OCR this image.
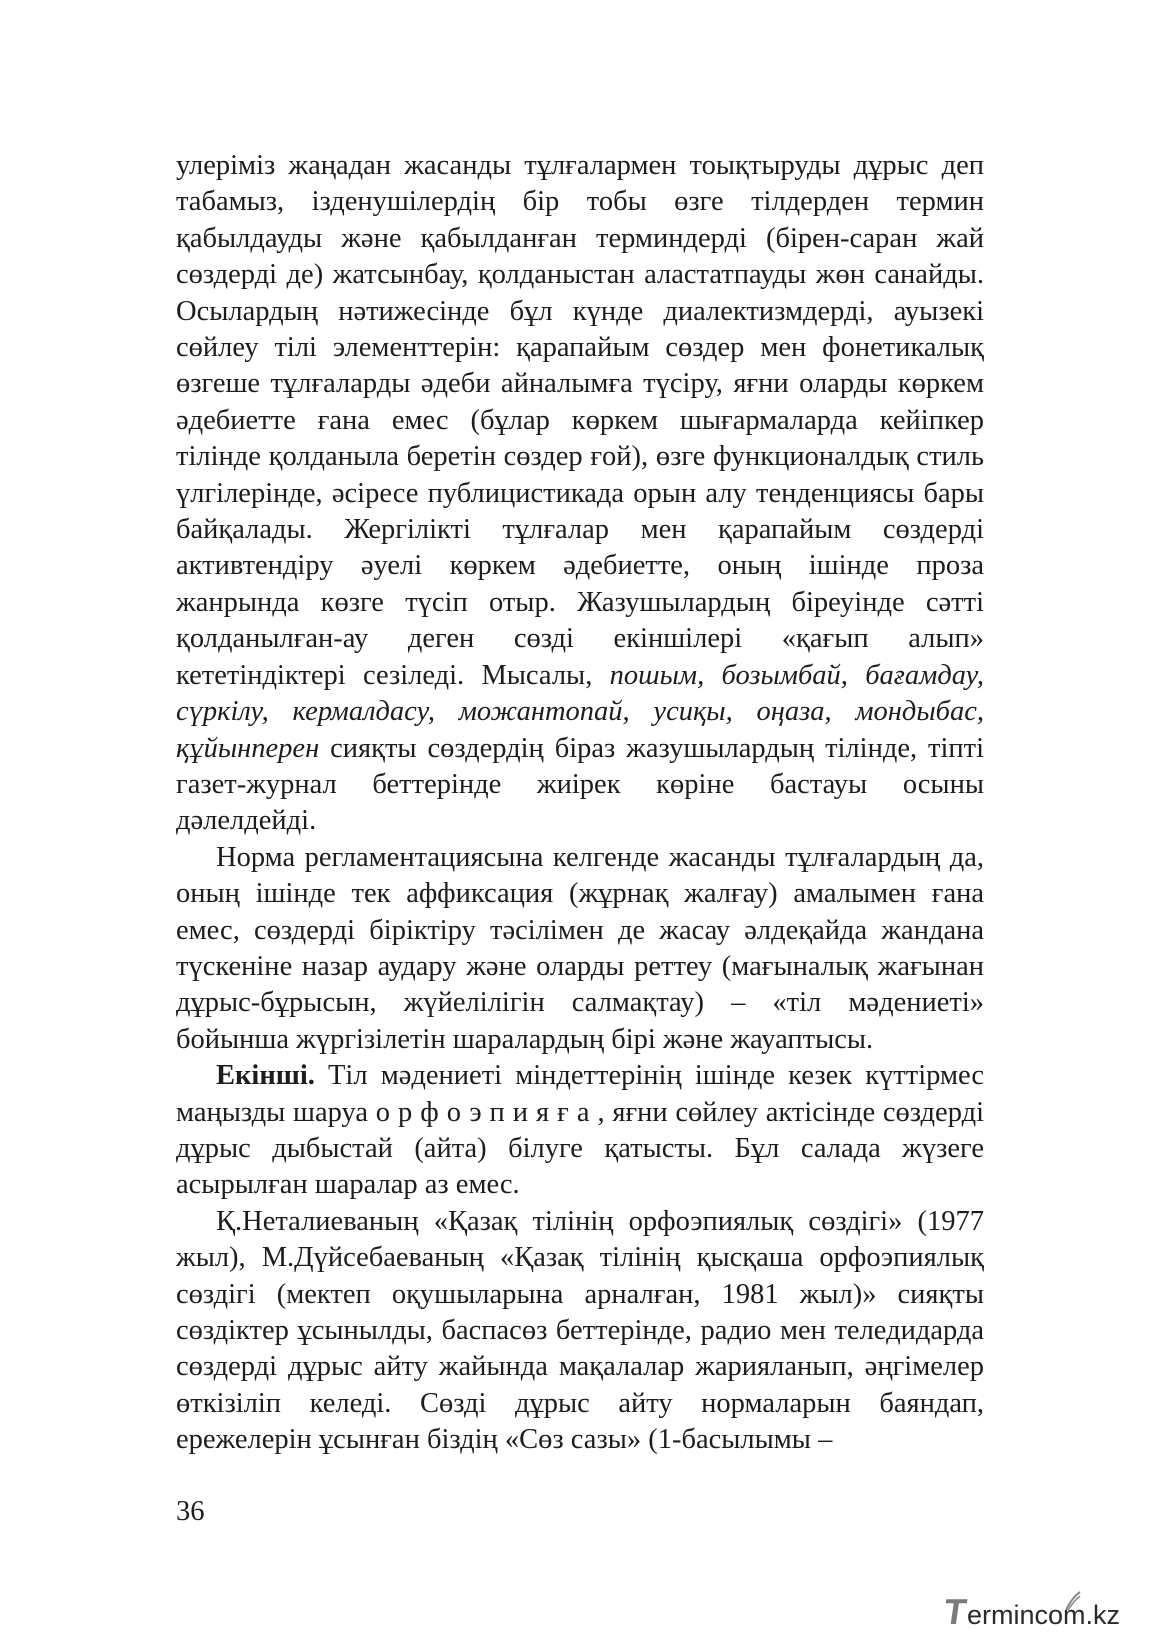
улеріміз жаңадан жасанды тұлғалармен тоықтыруды дұрыс деп табамыз, ізденушілердің бір тобы өзге тілдерден термин қабылдауды және қабылданған терминдерді (бірен-саран жай сөздерді де) жатсынбау, қолданыстан аластатпауды жөн санайды. Осылардың нәтижесінде бұл күнде диалектизмдерді, ауызекі сөйлеу тілі элементтерін: қарапайым сөздер мен фонетикалық өзгеше тұлғаларды әдеби айналымға түсіру, яғни оларды көркем әдебиетте ғана емес (бұлар көркем шығармаларда кейіпкер тілінде қолданыла беретін сөздер ғой), өзге функционалдық стиль үлгілерінде, әсіресе публицистикада орын алу тенденциясы бары байқалады. Жергілікті тұлғалар мен қарапайым сөздерді активтендіру әуелі көркем әдебиетте, оның ішінде проза жанрында көзге түсіп отыр. Жазушылардың біреуінде сәтті қолданылған-ау деген сөзді екіншілері «қағып алып» кететіндіктері сезіледі. Мысалы, пошым, бозымбай, бағамдау, сүркілу, кермалдасу, можантопай, усиқы, оңаза, мондыбас, құйынперен сияқты сөздердің біраз жазушылардың тілінде, тіпті газет-журнал беттерінде жиірек көріне бастауы осыны дәлелдейді.

Норма регламентациясына келгенде жасанды тұлғалардың да, оның ішінде тек аффиксация (жұрнақ жалғау) амалымен ғана емес, сөздерді біріктіру тәсілімен де жасау әлдеқайда жандана түскеніне назар аудару және оларды реттеу (мағыналық жағынан дұрыс-бұрысын, жүйелілігін салмақтау) – «тіл мәдениеті» бойынша жүргізілетін шаралардың бірі және жауаптысы.

Екінші. Тіл мәдениеті міндеттерінің ішінде кезек күттірмес маңызды шаруа орфоэпияға, яғни сөйлеу актісінде сөздерді дұрыс дыбыстай (айта) білуге қатысты. Бұл салада жүзеге асырылған шаралар аз емес.

Қ.Неталиеваның «Қазақ тілінің орфоэпиялық сөздігі» (1977 жыл), М.Дүйсебаеваның «Қазақ тілінің қысқаша орфоэпиялық сөздігі (мектеп оқушыларына арналған, 1981 жыл)» сияқты сөздіктер ұсынылды, баспасөз беттерінде, радио мен теледидарда сөздерді дұрыс айту жайында мақалалар жарияланып, әңгімелер өткізіліп келеді. Сөзді дұрыс айту нормаларын баяндап, ережелерін ұсынған біздің «Сөз сазы» (1-басылымы –

36
Termincom.kz
